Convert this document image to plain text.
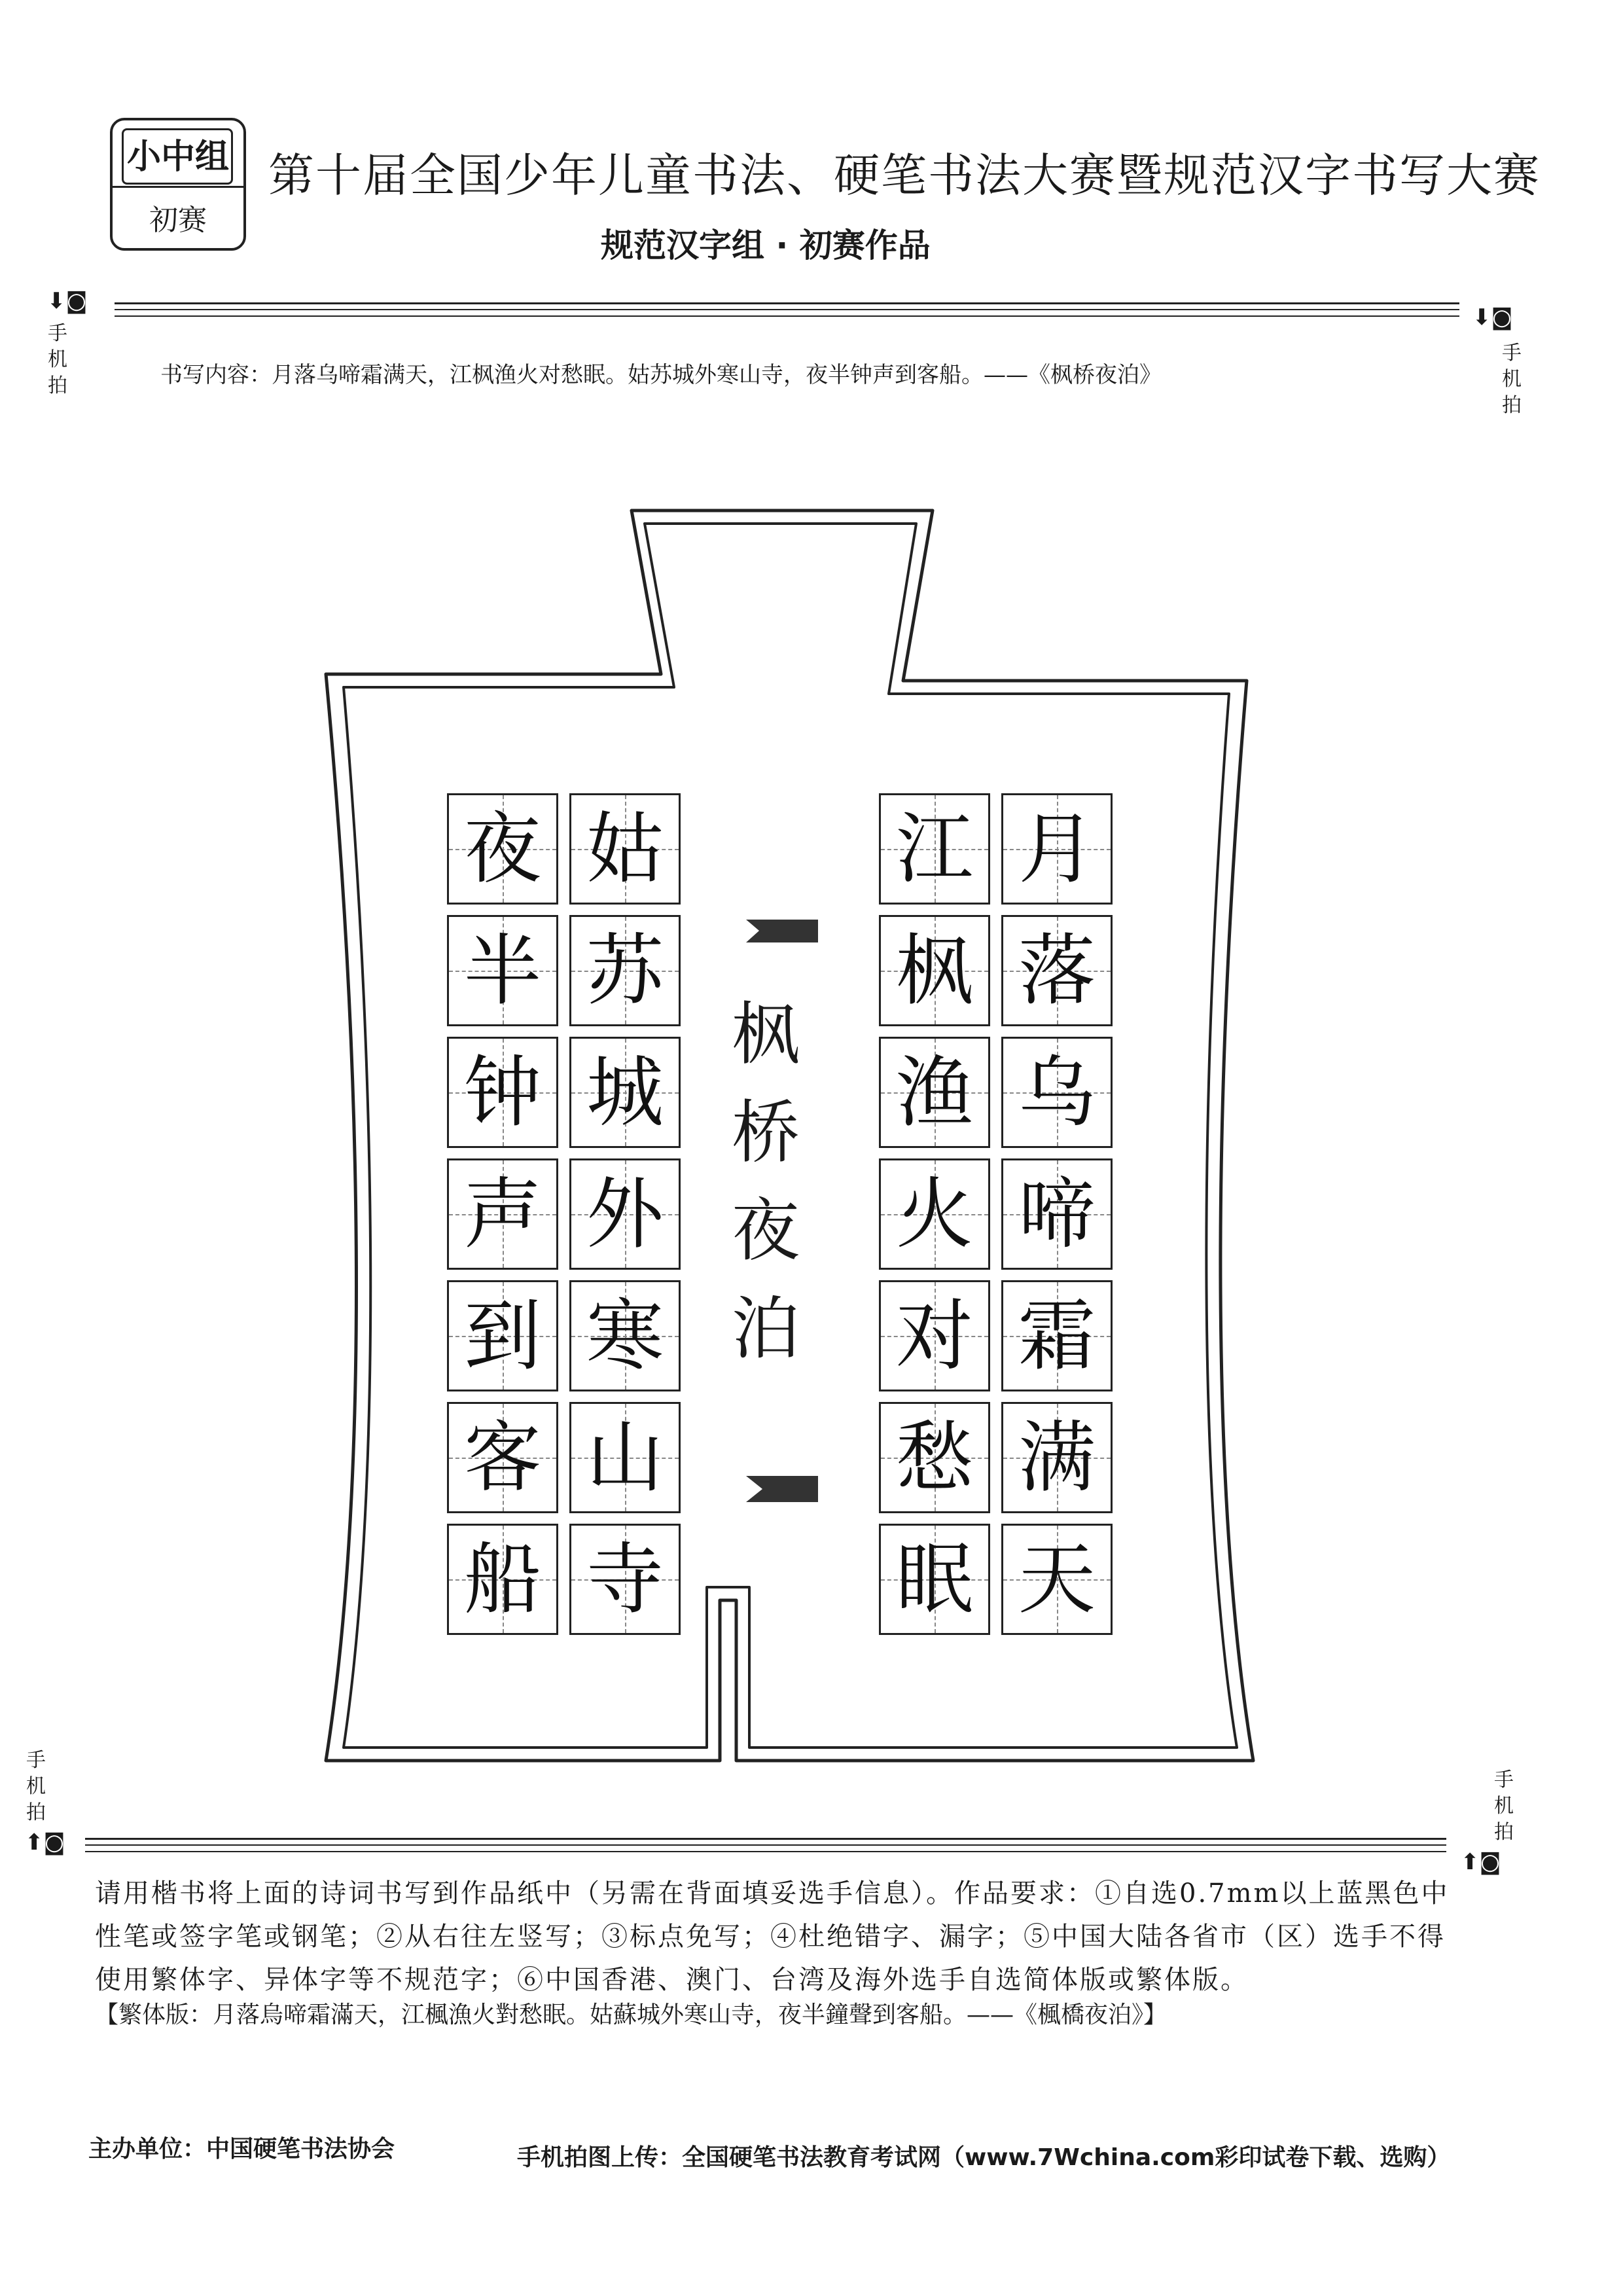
小中组
初赛
第十届全国少年儿童书法、硬笔书法大赛暨规范汉字书写大赛
规范汉字组 · 初赛作品
⬇◙
手机拍
⬇◙
手机拍
书写内容：月落乌啼霜满天，江枫渔火对愁眠。姑苏城外寒山寺，夜半钟声到客船。——《枫桥夜泊》
枫
桥
夜
泊
月
落
乌
啼
霜
满
天
江
枫
渔
火
对
愁
眠
姑
苏
城
外
寒
山
寺
夜
半
钟
声
到
客
船
手机拍
⬆◙
手机拍
⬆◙
请用楷书将上面的诗词书写到作品纸中（另需在背面填妥选手信息）。作品要求：①自选0.7mm以上蓝黑色中性笔或签字笔或钢笔；②从右往左竖写；③标点免写；④杜绝错字、漏字；⑤中国大陆各省市（区）选手不得使用繁体字、异体字等不规范字；⑥中国香港、澳门、台湾及海外选手自选简体版或繁体版。
【繁体版：月落烏啼霜滿天，江楓漁火對愁眠。姑蘇城外寒山寺，夜半鐘聲到客船。——《楓橋夜泊》】
主办单位：中国硬笔书法协会	手机拍图上传：全国硬笔书法教育考试网（www.7Wchina.com彩印试卷下载、选购）
